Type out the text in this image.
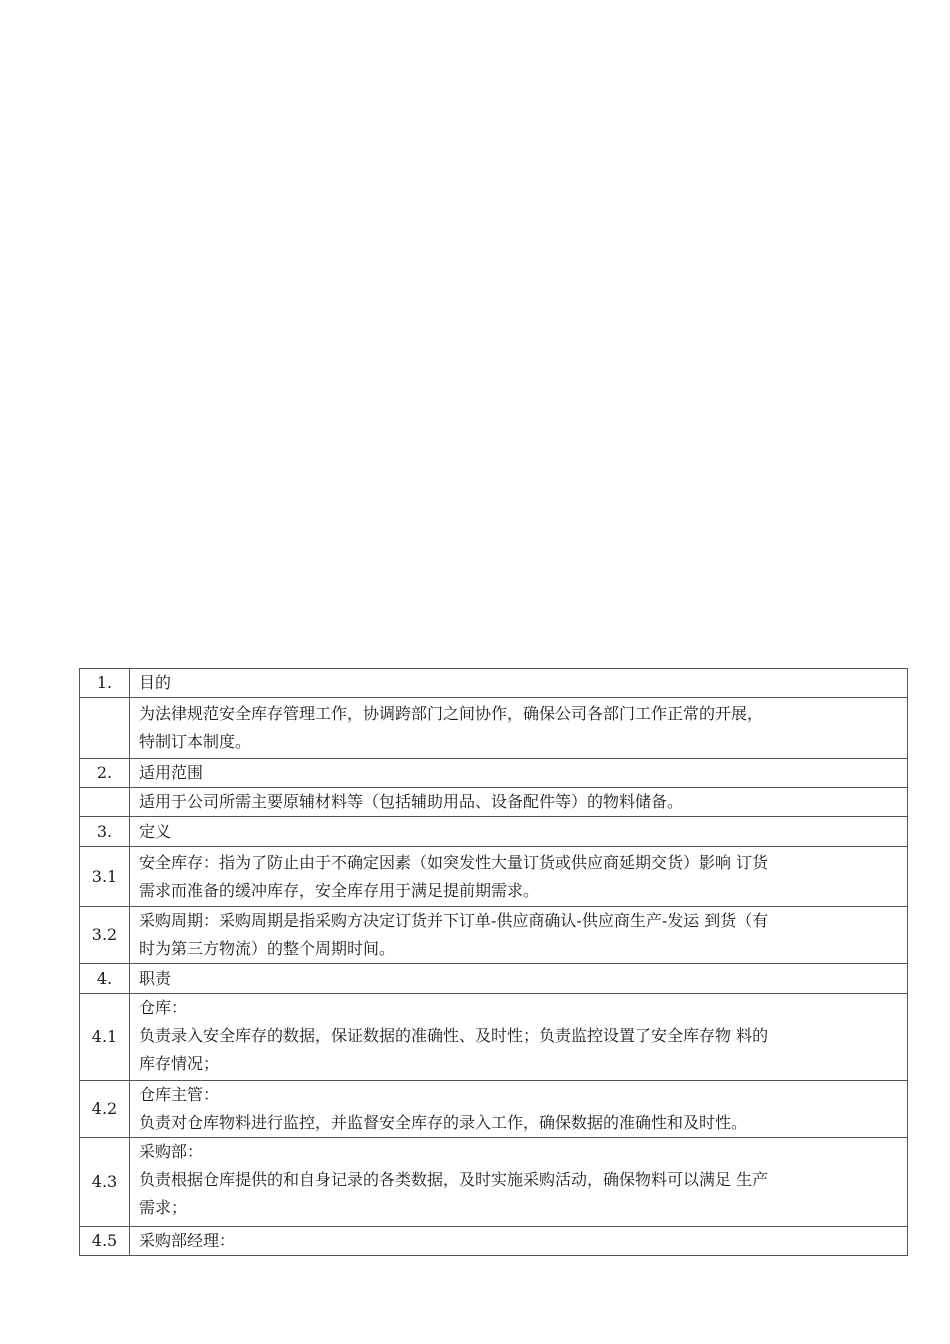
1.	目的

	为法律规范安全库存管理工作，协调跨部门之间协作，确保公司各部门工作正常的开展，
特制订本制度。

2.	适用范围

	适用于公司所需主要原辅材料等（包括辅助用品、设备配件等）的物料储备。

3.	定义

3.1	安全库存：指为了防止由于不确定因素（如突发性大量订货或供应商延期交货）影响 订货
需求而准备的缓冲库存，安全库存用于满足提前期需求。

3.2	采购周期：采购周期是指采购方决定订货并下订单-供应商确认-供应商生产-发运 到货（有
时为第三方物流）的整个周期时间。

4.	职责

4.1	仓库：
负责录入安全库存的数据，保证数据的准确性、及时性；负责监控设置了安全库存物 料的
库存情况；

4.2	仓库主管：
负责对仓库物料进行监控，并监督安全库存的录入工作，确保数据的准确性和及时性。

4.3	采购部：
负责根据仓库提供的和自身记录的各类数据，及时实施采购活动，确保物料可以满足 生产
需求；

4.5	采购部经理：
